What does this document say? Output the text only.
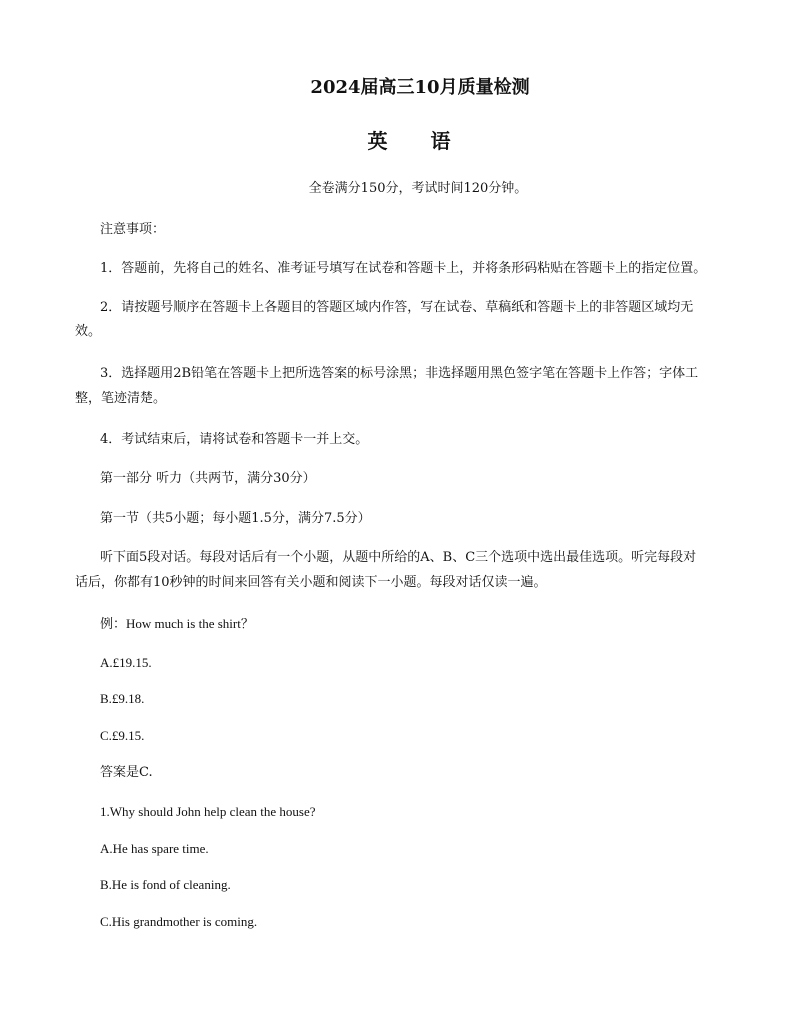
2024届高三10月质量检测
英 语
全卷满分150分，考试时间120分钟。
注意事项：
1．答题前，先将自己的姓名、准考证号填写在试卷和答题卡上，并将条形码粘贴在答题卡上的指定位置。
2．请按题号顺序在答题卡上各题目的答题区域内作答，写在试卷、草稿纸和答题卡上的非答题区域均无
效。
3．选择题用2B铅笔在答题卡上把所选答案的标号涂黑；非选择题用黑色签字笔在答题卡上作答；字体工
整，笔迹清楚。
4．考试结束后，请将试卷和答题卡一并上交。
第一部分 听力（共两节，满分30分）
第一节（共5小题；每小题1.5分，满分7.5分）
听下面5段对话。每段对话后有一个小题，从题中所给的A、B、C三个选项中选出最佳选项。听完每段对
话后，你都有10秒钟的时间来回答有关小题和阅读下一小题。每段对话仅读一遍。
例：How much is the shirt？
A.£19.15.
B.£9.18.
C.£9.15.
答案是C.
1.Why should John help clean the house?
A.He has spare time.
B.He is fond of cleaning.
C.His grandmother is coming.
